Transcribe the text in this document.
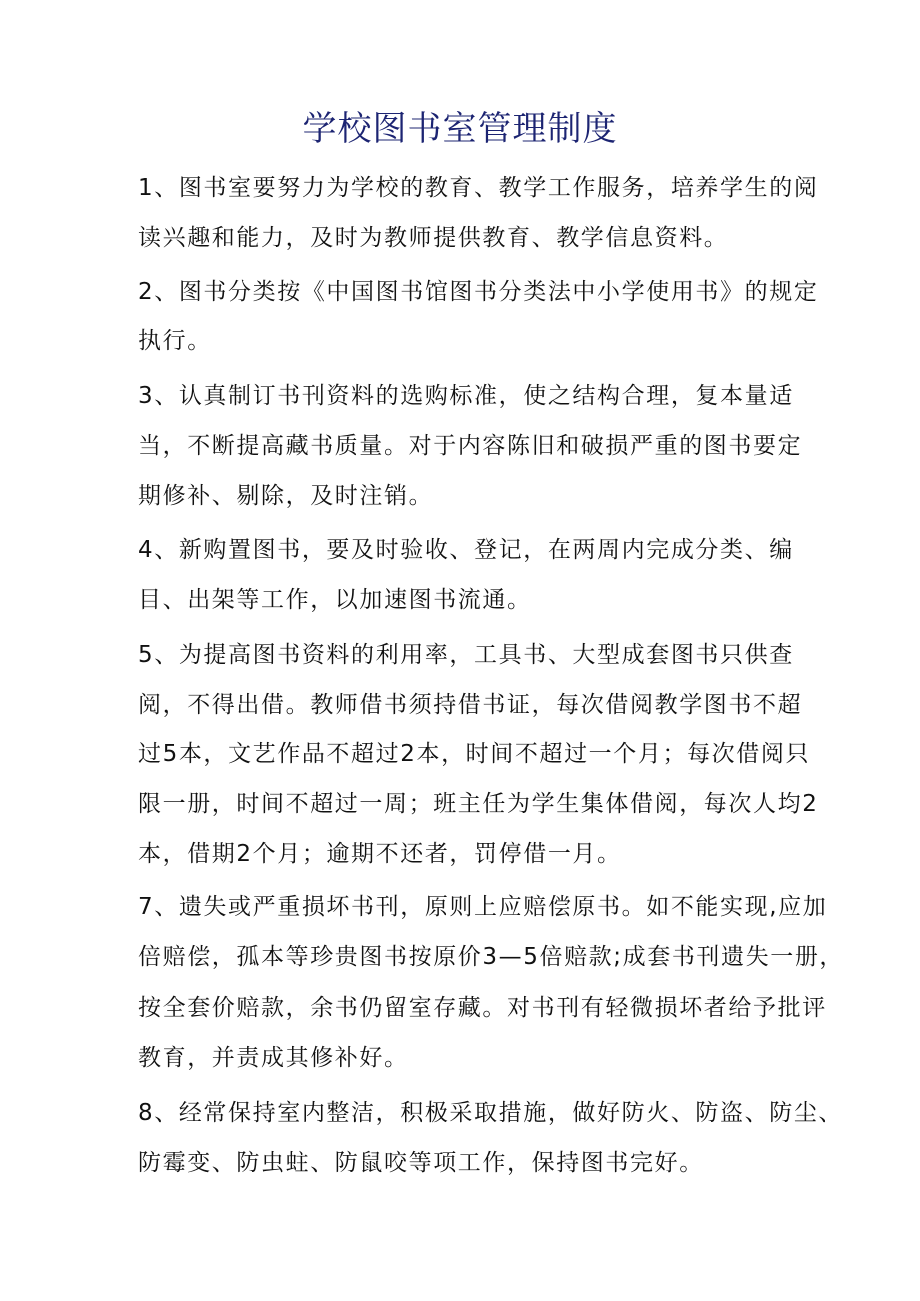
学校图书室管理制度
1、图书室要努力为学校的教育、教学工作服务，培养学生的阅
读兴趣和能力，及时为教师提供教育、教学信息资料。
2、图书分类按《中国图书馆图书分类法中小学使用书》的规定
执行。
3、认真制订书刊资料的选购标准，使之结构合理，复本量适
当，不断提高藏书质量。对于内容陈旧和破损严重的图书要定
期修补、剔除，及时注销。
4、新购置图书，要及时验收、登记，在两周内完成分类、编
目、出架等工作，以加速图书流通。
5、为提高图书资料的利用率，工具书、大型成套图书只供查
阅，不得出借。教师借书须持借书证，每次借阅教学图书不超
过5本，文艺作品不超过2本，时间不超过一个月；每次借阅只
限一册，时间不超过一周；班主任为学生集体借阅，每次人均2
本，借期2个月；逾期不还者，罚停借一月。
7、遗失或严重损坏书刊，原则上应赔偿原书。如不能实现,应加
倍赔偿，孤本等珍贵图书按原价3—5倍赔款;成套书刊遗失一册，
按全套价赔款，余书仍留室存藏。对书刊有轻微损坏者给予批评
教育，并责成其修补好。
8、经常保持室内整洁，积极采取措施，做好防火、防盗、防尘、
防霉变、防虫蛀、防鼠咬等项工作，保持图书完好。
